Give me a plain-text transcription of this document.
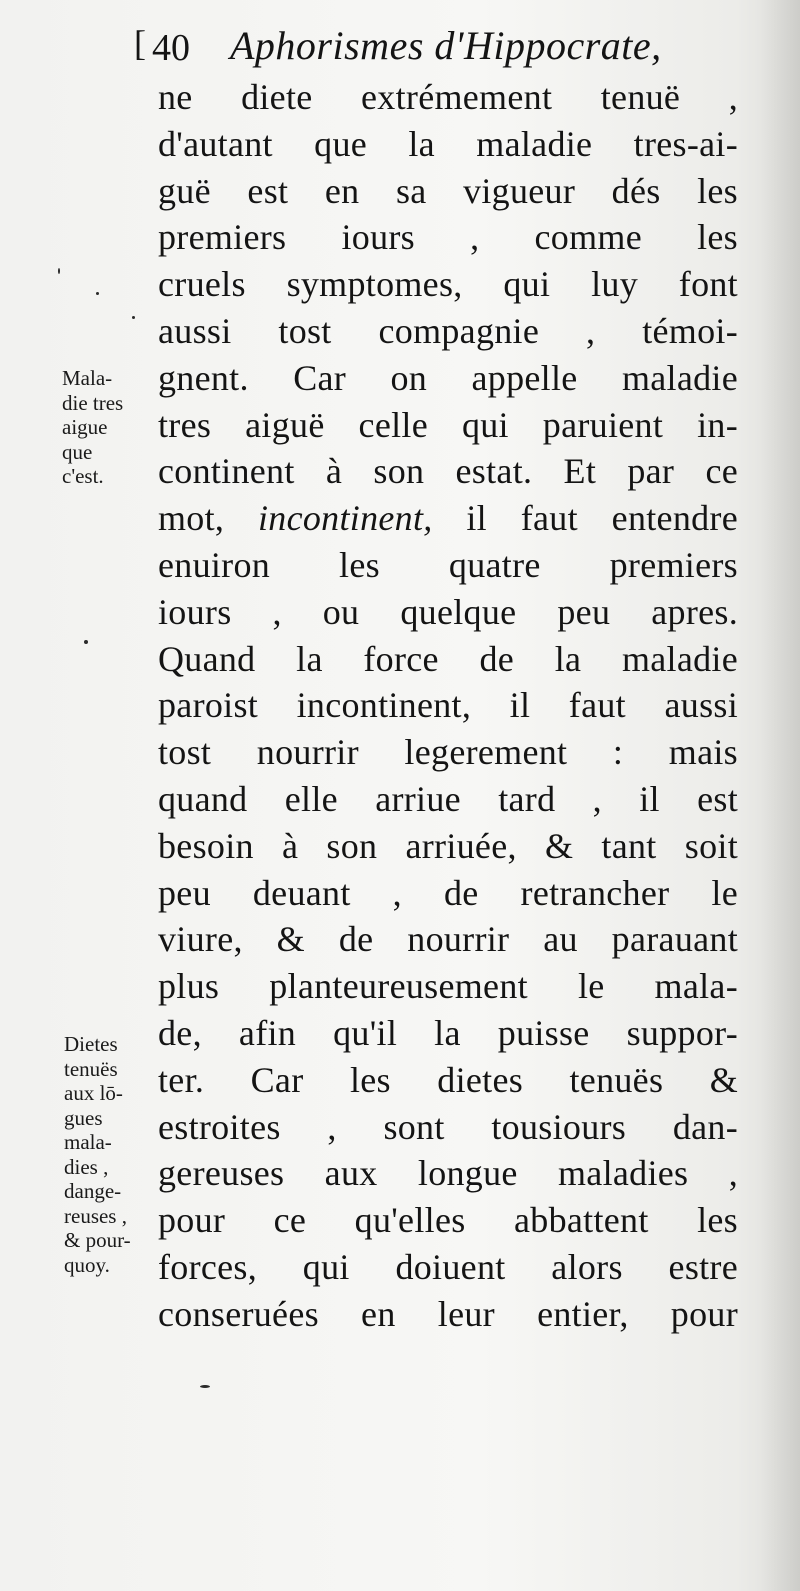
[ 40 Aphorismes d'Hippocrate,
ne diete extrémement tenuë ,
d'autant que la maladie tres-ai-
guë est en sa vigueur dés les
premiers iours , comme les
cruels symptomes, qui luy font
aussi tost compagnie , témoi-
gnent. Car on appelle maladie
tres aiguë celle qui paruient in-
continent à son estat. Et par ce
mot, incontinent, il faut entendre
enuiron les quatre premiers
iours , ou quelque peu apres.
Quand la force de la maladie
paroist incontinent, il faut aussi
tost nourrir legerement : mais
quand elle arriue tard , il est
besoin à son arriuée, & tant soit
peu deuant , de retrancher le
viure, & de nourrir au parauant
plus planteureusement le mala-
de, afin qu'il la puisse suppor-
ter. Car les dietes tenuës &
estroites , sont tousiours dan-
gereuses aux longue maladies ,
pour ce qu'elles abbattent les
forces, qui doiuent alors estre
conseruées en leur entier, pour
Mala-
die tres
aigue
que
c'est.
Dietes
tenuës
aux lō-
gues
mala-
dies ,
dange-
reuses ,
& pour-
quoy.
